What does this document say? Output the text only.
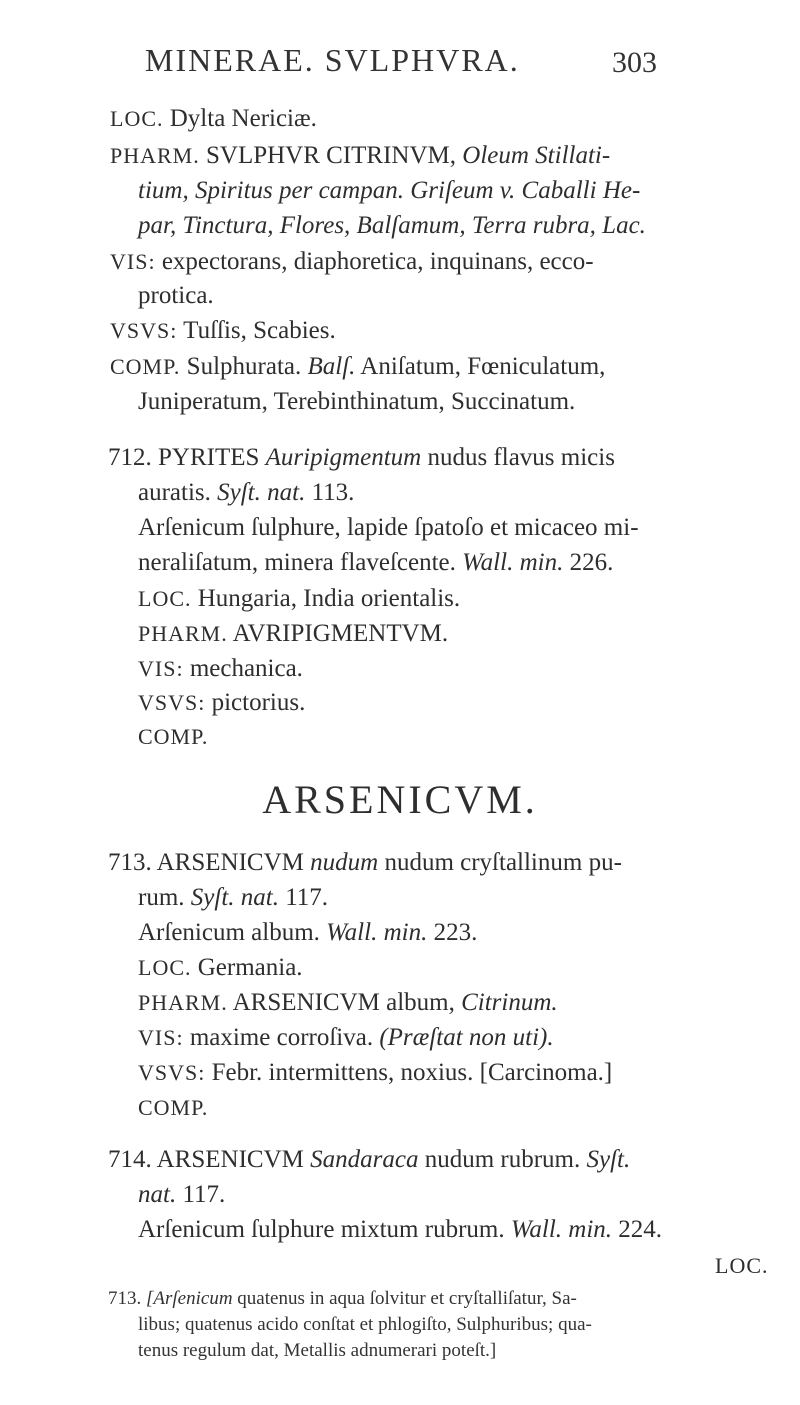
MINERAE. SVLPHVRA.	303
LOC. Dylta Nericiæ.
PHARM. SVLPHVR CITRINVM, Oleum Stillati-
tium, Spiritus per campan. Griſeum v. Caballi He-
par, Tinctura, Flores, Balſamum, Terra rubra, Lac.
VIS: expectorans, diaphoretica, inquinans, ecco-
protica.
VSVS: Tuſſis, Scabies.
COMP. Sulphurata. Balſ. Aniſatum, Fœniculatum,
Juniperatum, Terebinthinatum, Succinatum.
712. PYRITES Auripigmentum nudus flavus micis
auratis. Syſt. nat. 113.
Arſenicum ſulphure, lapide ſpatoſo et micaceo mi-
neraliſatum, minera flaveſcente. Wall. min. 226.
LOC. Hungaria, India orientalis.
PHARM. AVRIPIGMENTVM.
VIS: mechanica.
VSVS: pictorius.
COMP.
ARSENICVM.
713. ARSENICVM nudum nudum cryſtallinum pu-
rum. Syſt. nat. 117.
Arſenicum album. Wall. min. 223.
LOC. Germania.
PHARM. ARSENICVM album, Citrinum.
VIS: maxime corroſiva. (Præſtat non uti).
VSVS: Febr. intermittens, noxius. [Carcinoma.]
COMP.
714. ARSENICVM Sandaraca nudum rubrum. Syſt.
nat. 117.
Arſenicum ſulphure mixtum rubrum. Wall. min. 224.
LOC.
713. [Arſenicum quatenus in aqua ſolvitur et cryſtalliſatur, Sa-
libus; quatenus acido conſtat et phlogiſto, Sulphuribus; qua-
tenus regulum dat, Metallis adnumerari poteſt.]
